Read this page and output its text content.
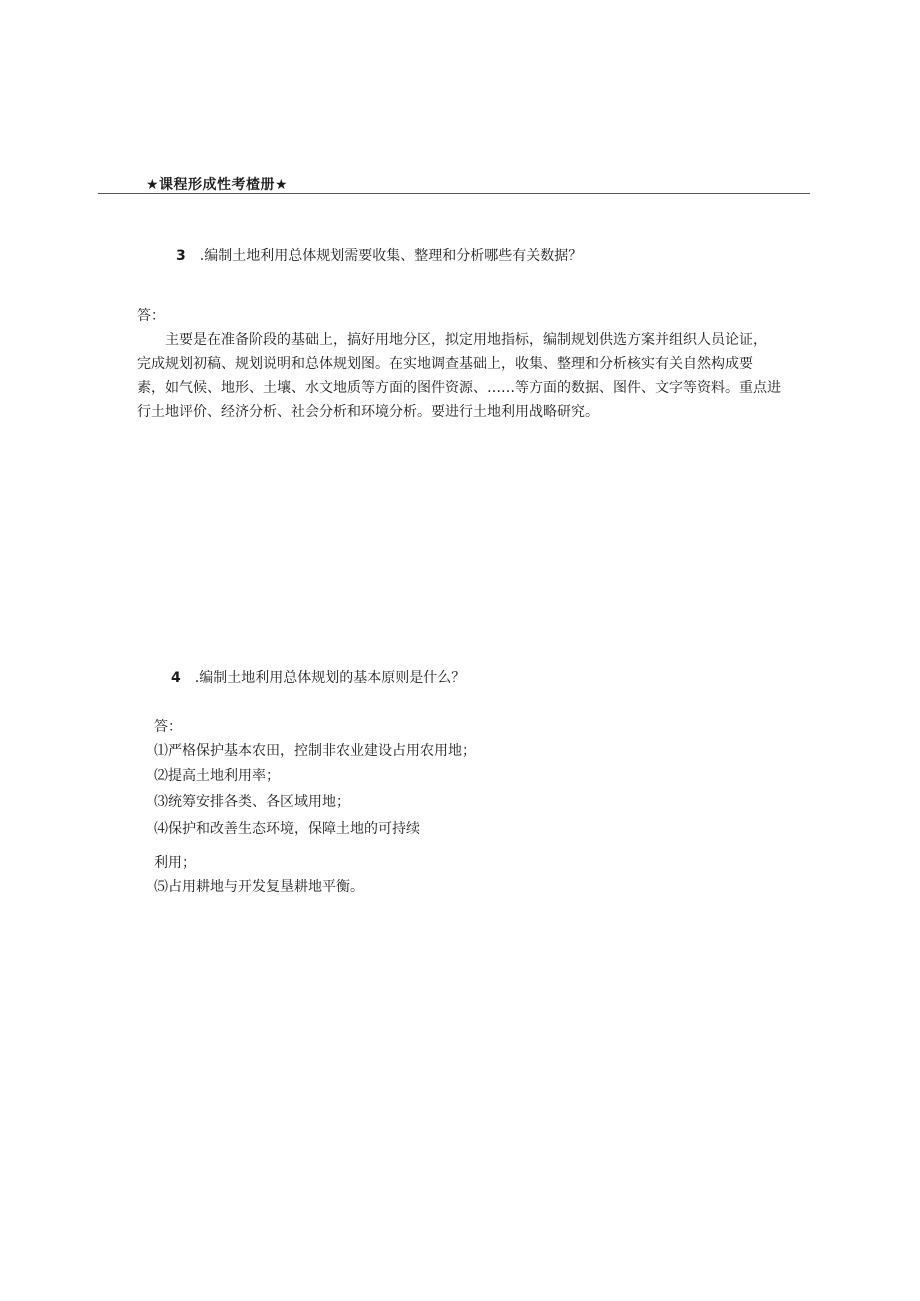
★课程形成性考楂册★
3 .编制土地利用总体规划需要收集、整理和分析哪些有关数据？
答：
主要是在准备阶段的基础上，搞好用地分区，拟定用地指标，编制规划供选方案并组织人员论证，
完成规划初稿、规划说明和总体规划图。在实地调查基础上，收集、整理和分析核实有关自然构成要
素，如气候、地形、土壤、水文地质等方面的图件资源、……等方面的数据、图件、文字等资料。重点进
行土地评价、经济分析、社会分析和环境分析。要进行土地利用战略研究。
4 .编制土地利用总体规划的基本原则是什么？
答：
⑴严格保护基本农田，控制非农业建设占用农用地；
⑵提高土地利用率；
⑶统筹安排各类、各区域用地；
⑷保护和改善生态环境，保障土地的可持续
利用；
⑸占用耕地与开发复垦耕地平衡。
